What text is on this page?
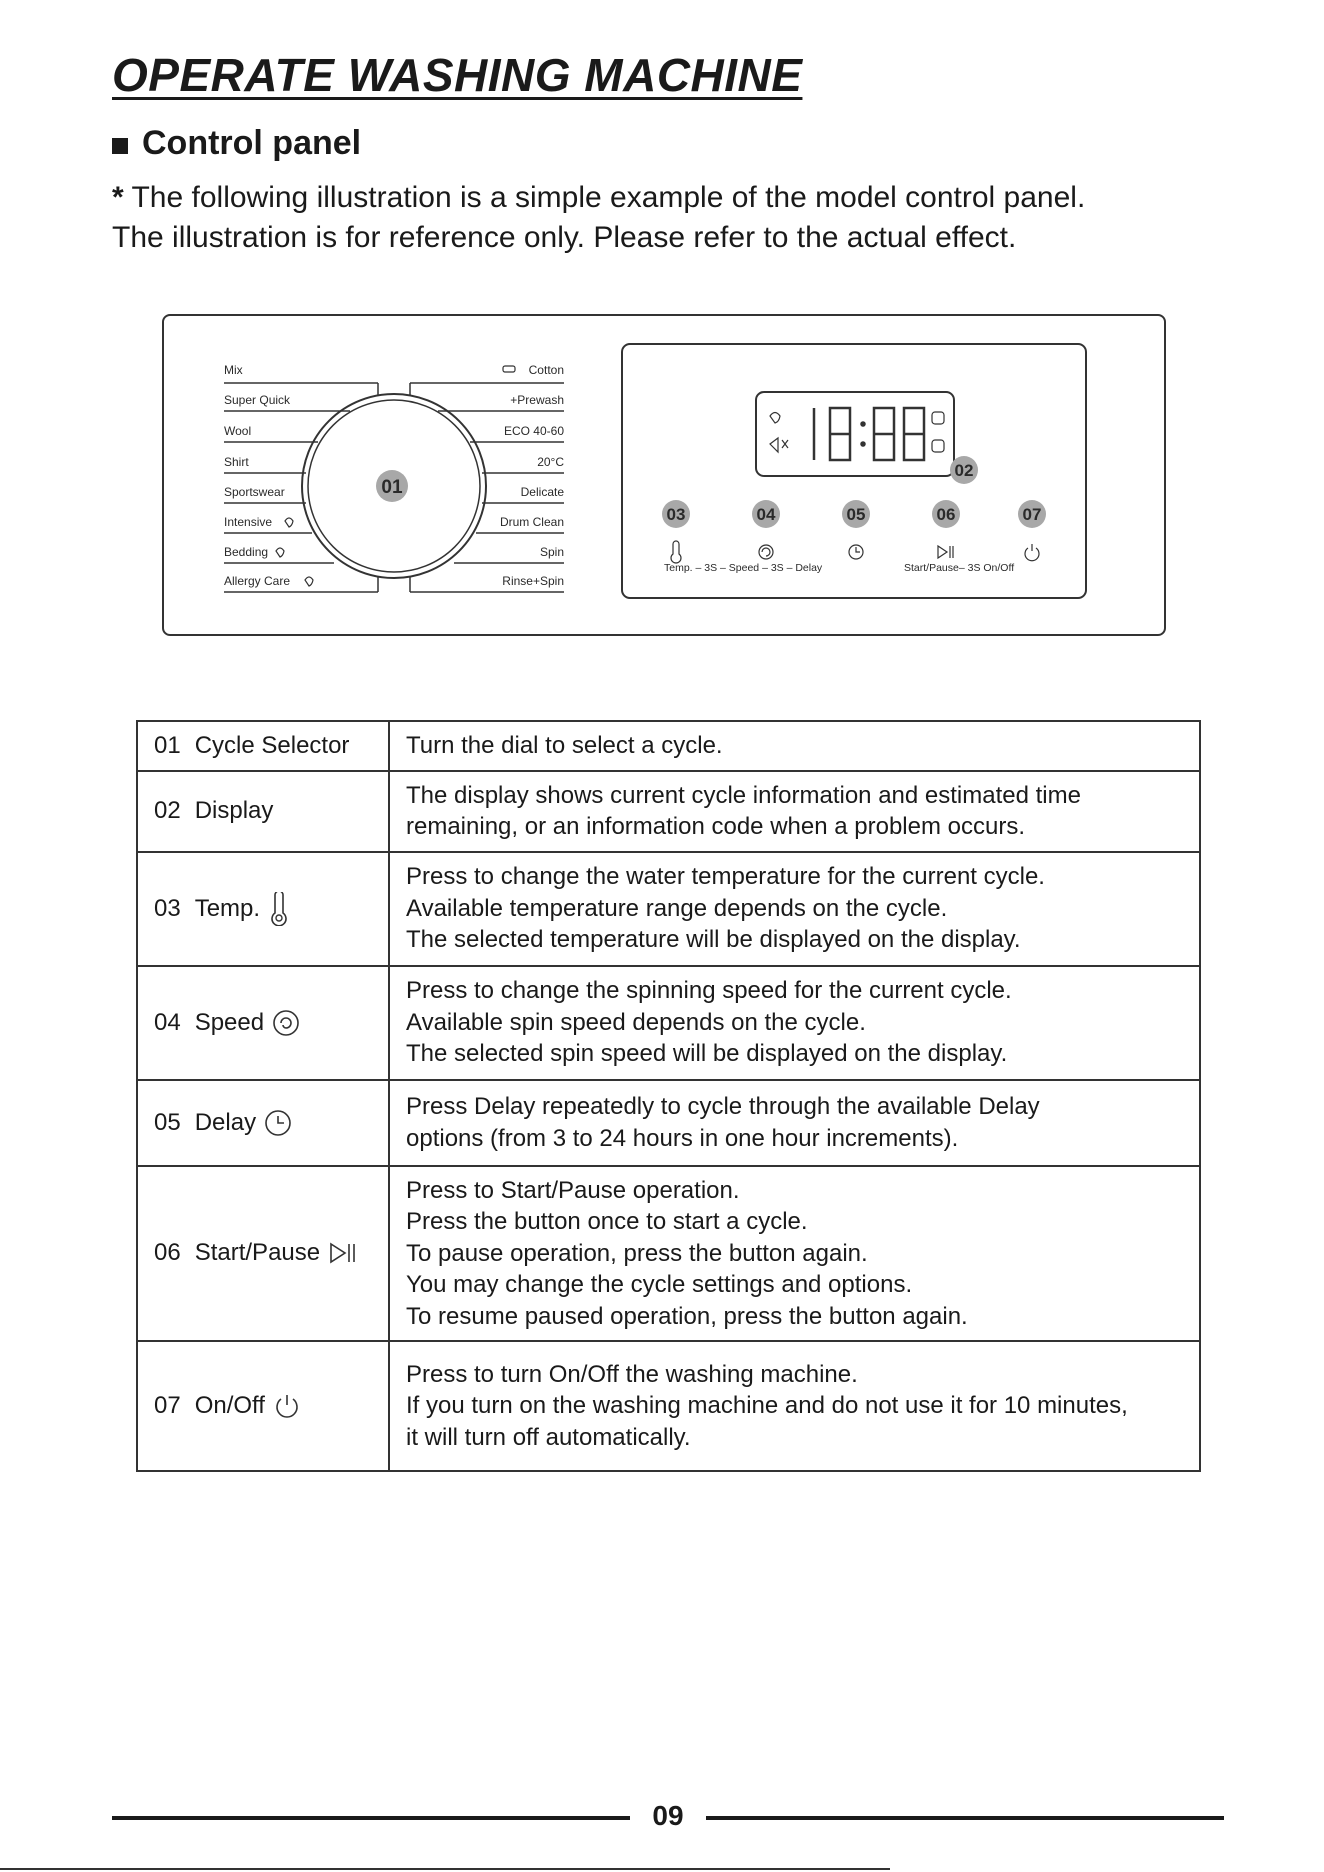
OPERATE WASHING MACHINE
Control panel
* The following illustration is a simple example of the model control panel.
The illustration is for reference only. Please refer to the actual effect.
01
Mix
Super Quick
Wool
Shirt
Sportswear
Intensive
Bedding
Allergy Care
Cotton
+Prewash
ECO 40-60
20°C
Delicate
Drum Clean
Spin
Rinse+Spin
02
03	04	05	06	07
Temp. – 3S – Speed – 3S – Delay	Start/Pause– 3S On/Off
01 Cycle Selector	Turn the dial to select a cycle.

02 Display	The display shows current cycle information and estimated time
remaining, or an information code when a problem occurs.

03 Temp.	Press to change the water temperature for the current cycle.
Available temperature range depends on the cycle.
The selected temperature will be displayed on the display.

04 Speed	Press to change the spinning speed for the current cycle.
Available spin speed depends on the cycle.
The selected spin speed will be displayed on the display.

05 Delay	Press Delay repeatedly to cycle through the available Delay
options (from 3 to 24 hours in one hour increments).

06 Start/Pause	Press to Start/Pause operation.
Press the button once to start a cycle.
To pause operation, press the button again.
You may change the cycle settings and options.
To resume paused operation, press the button again.

07 On/Off	Press to turn On/Off the washing machine.
If you turn on the washing machine and do not use it for 10 minutes,
it will turn off automatically.
09
